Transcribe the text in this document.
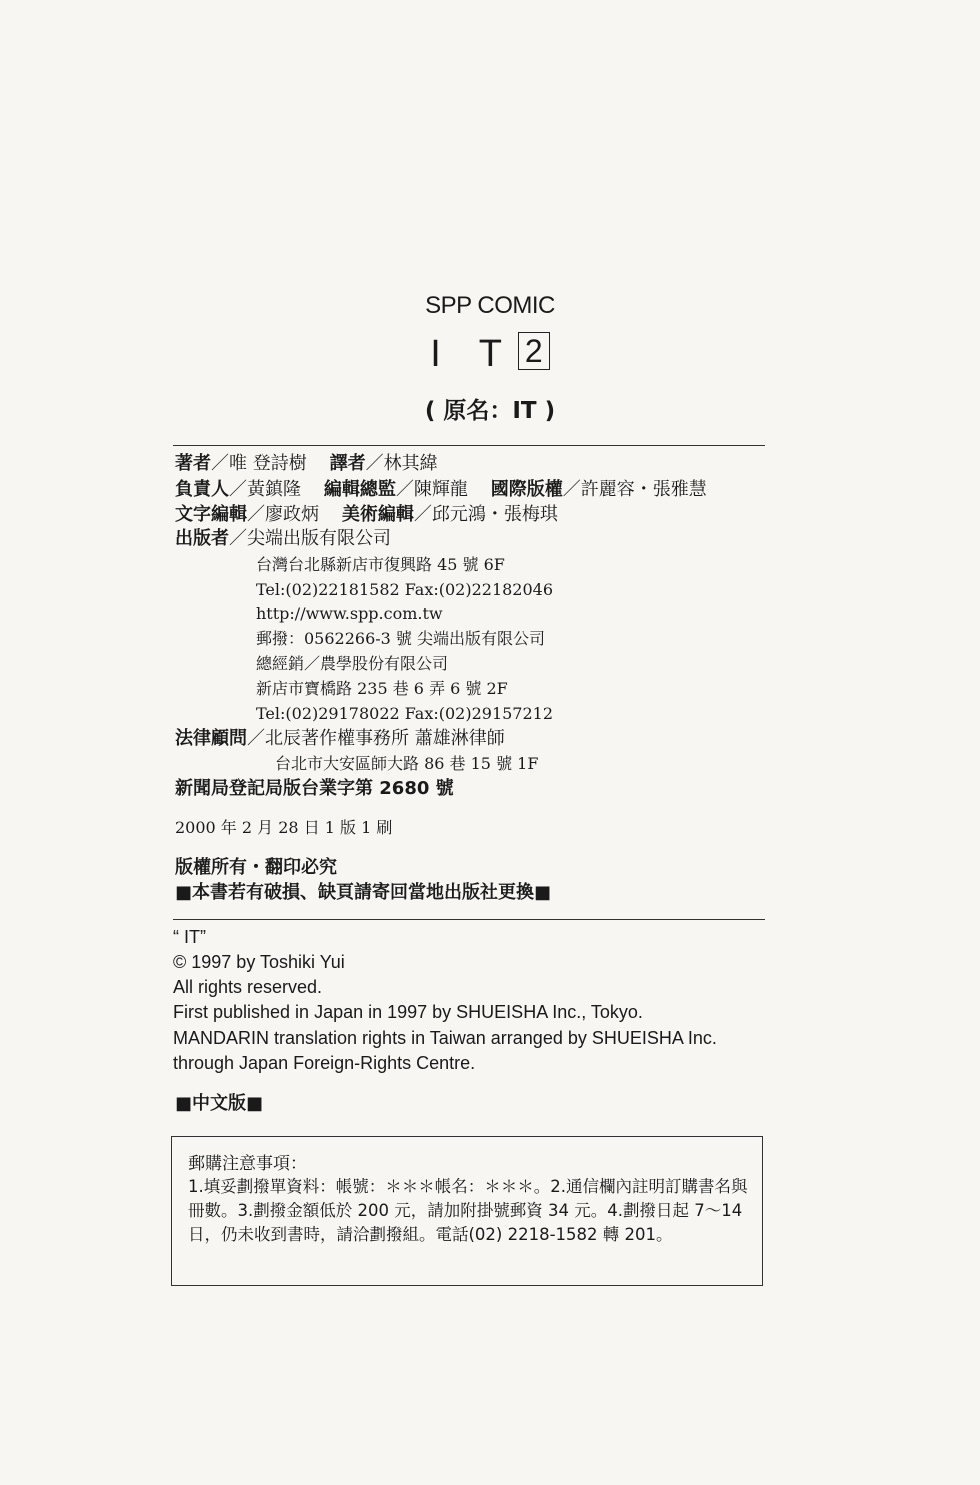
SPP COMIC
I T 2
( 原名：IT )
著者／唯 登詩樹 譯者／林其緯
負責人／黃鎮隆 編輯總監／陳輝龍 國際版權／許麗容・張雅慧
文字編輯／廖政炳 美術編輯／邱元鴻・張梅琪
出版者／尖端出版有限公司
台灣台北縣新店市復興路 45 號 6F
Tel:(02)22181582 Fax:(02)22182046
http://www.spp.com.tw
郵撥：0562266-3 號 尖端出版有限公司
總經銷／農學股份有限公司
新店市寶橋路 235 巷 6 弄 6 號 2F
Tel:(02)29178022 Fax:(02)29157212
法律顧問／北辰著作權事務所 蕭雄淋律師
台北市大安區師大路 86 巷 15 號 1F
新聞局登記局版台業字第 2680 號
2000 年 2 月 28 日 1 版 1 刷
版權所有・翻印必究
■本書若有破損、缺頁請寄回當地出版社更換■
“ IT”
© 1997 by Toshiki Yui
All rights reserved.
First published in Japan in 1997 by SHUEISHA Inc., Tokyo.
MANDARIN translation rights in Taiwan arranged by SHUEISHA Inc.
through Japan Foreign-Rights Centre.
■中文版■
郵購注意事項：
1.填妥劃撥單資料：帳號：＊＊＊帳名：＊＊＊。2.通信欄內註明訂購書名與冊數。3.劃撥金額低於 200 元，請加附掛號郵資 34 元。4.劃撥日起 7～14 日，仍未收到書時，請洽劃撥組。電話(02) 2218-1582 轉 201。
